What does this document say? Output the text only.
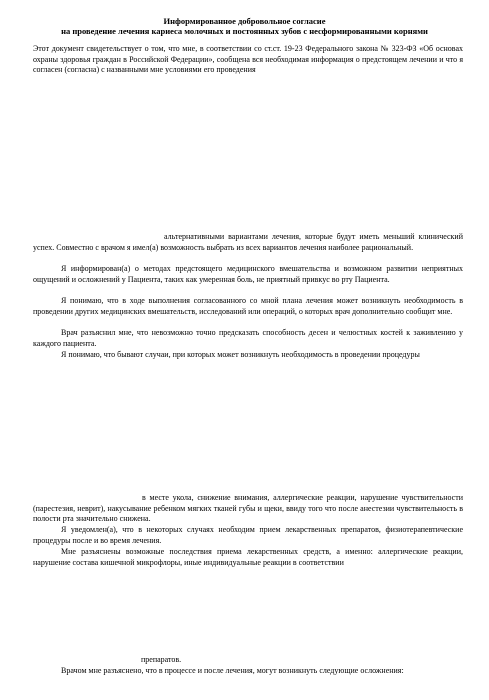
Информированное добровольное согласие

на проведение лечения кариеса молочных и постоянных зубов с несформированными корнями

Этот документ свидетельствует о том, что мне, в соответствии со ст.ст. 19-23 Федерального закона № 323-ФЗ «Об основах охраны здоровья граждан в Российской Федерации», сообщена вся необходимая информация о предстоящем лечении и что я согласен (согласна) с названными мне условиями его проведения

альтернативными вариантами лечения, которые будут иметь меньший клинический успех. Совместно с врачом я имел(а) возможность выбрать из всех вариантов лечения наиболее рациональный.

Я информирован(а) о методах предстоящего медицинского вмешательства и возможном развитии неприятных ощущений и осложнений у Пациента, таких как умеренная боль, не приятный привкус во рту Пациента.

Я понимаю, что в ходе выполнения согласованного со мной плана лечения может возникнуть необходимость в проведении других медицинских вмешательств, исследований или операций, о которых врач дополнительно сообщит мне.

Врач разъяснил мне, что невозможно точно предсказать способность десен и челюстных костей к заживлению у каждого пациента.

Я понимаю, что бывают случаи, при которых может возникнуть необходимость в проведении процедуры

в месте укола, снижение внимания, аллергические реакции, нарушение чувствительности (парестезия, неврит), накусывание ребенком мягких тканей губы и щеки, ввиду того что после анестезии чувствительность в полости рта значительно снижена.

Я уведомлен(а), что в некоторых случаях необходим прием лекарственных препаратов, физиотерапевтические процедуры после и во время лечения.

Мне разъяснены возможные последствия приема лекарственных средств, а именно: аллергические реакции, нарушение состава кишечной микрофлоры, иные индивидуальные реакции в соответствии

препаратов.

Врачом мне разъяснено, что в процессе и после лечения, могут возникнуть следующие осложнения:
